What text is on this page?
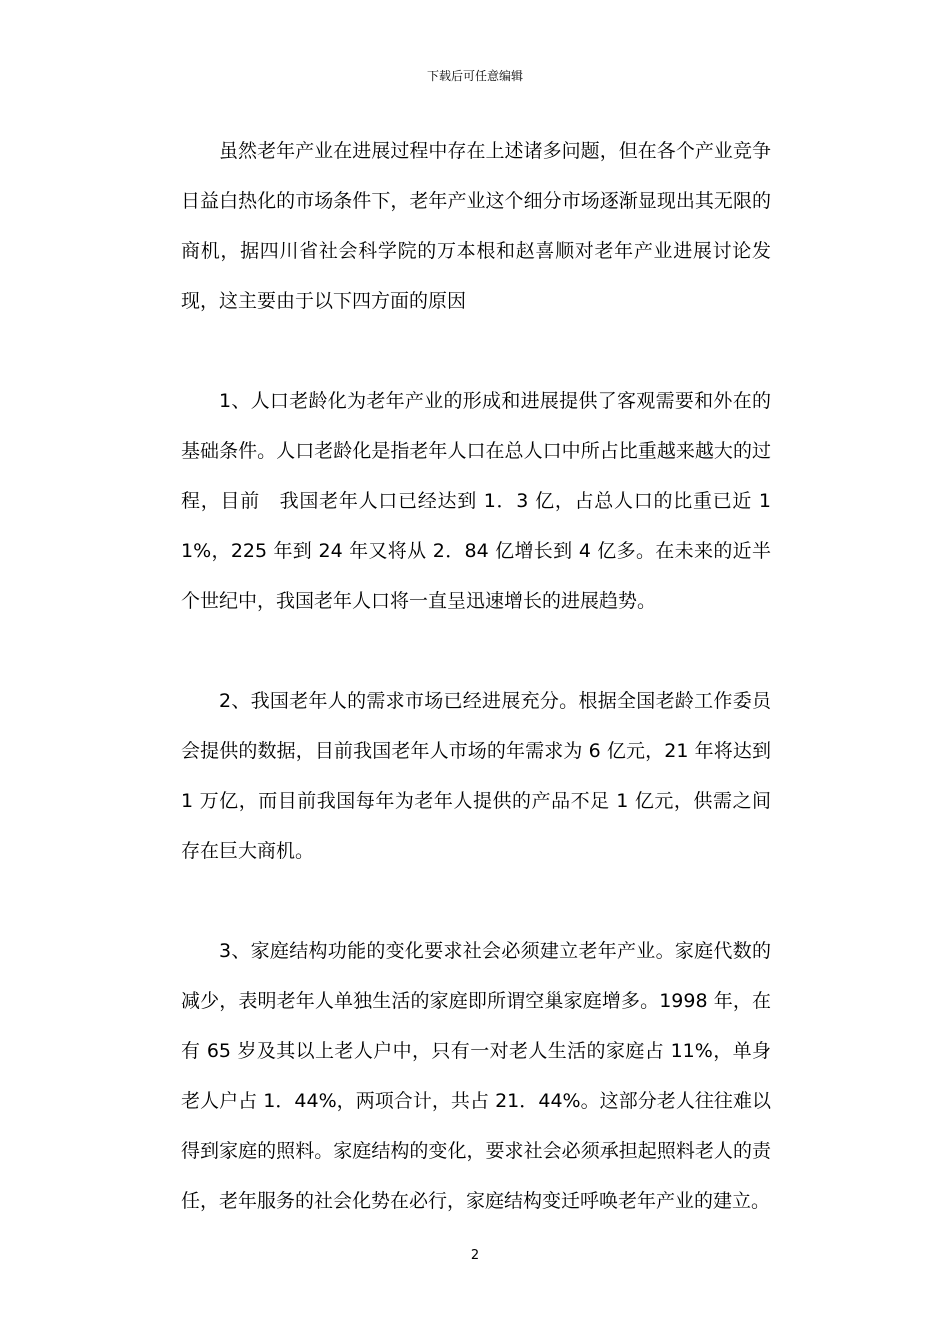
下载后可任意编辑

虽然老年产业在进展过程中存在上述诸多问题，但在各个产业竞争日益白热化的市场条件下，老年产业这个细分市场逐渐显现出其无限的商机，据四川省社会科学院的万本根和赵喜顺对老年产业进展讨论发现，这主要由于以下四方面的原因

1、人口老龄化为老年产业的形成和进展提供了客观需要和外在的基础条件。人口老龄化是指老年人口在总人口中所占比重越来越大的过程，目前　我国老年人口已经达到 1．3 亿，占总人口的比重已近 11%，225 年到 24 年又将从 2．84 亿增长到 4 亿多。在未来的近半个世纪中，我国老年人口将一直呈迅速增长的进展趋势。

2、我国老年人的需求市场已经进展充分。根据全国老龄工作委员会提供的数据，目前我国老年人市场的年需求为 6 亿元，21 年将达到 1 万亿，而目前我国每年为老年人提供的产品不足 1 亿元，供需之间存在巨大商机。

3、家庭结构功能的变化要求社会必须建立老年产业。家庭代数的减少，表明老年人单独生活的家庭即所谓空巢家庭增多。1998 年，在有 65 岁及其以上老人户中，只有一对老人生活的家庭占 11%，单身老人户占 1．44%，两项合计，共占 21．44%。这部分老人往往难以得到家庭的照料。家庭结构的变化，要求社会必须承担起照料老人的责任，老年服务的社会化势在必行，家庭结构变迁呼唤老年产业的建立。

2
